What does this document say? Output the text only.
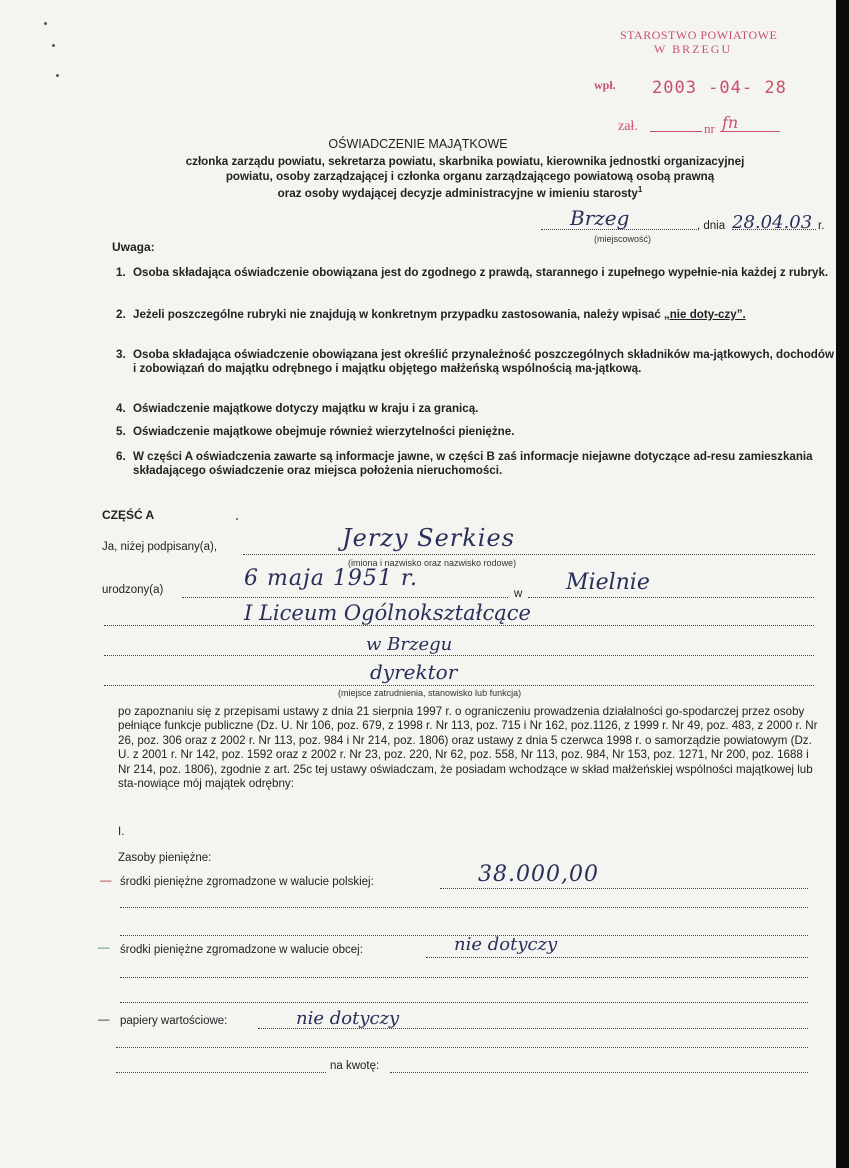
STAROSTWO POWIATOWE
W BRZEGU
wpł. 2003 -04- 28
zał.	nr fn
OŚWIADCZENIE MAJĄTKOWE
członka zarządu powiatu, sekretarza powiatu, skarbnika powiatu, kierownika jednostki organizacyjnej
powiatu, osoby zarządzającej i członka organu zarządzającego powiatową osobą prawną
oraz osoby wydającej decyzje administracyjne w imieniu starosty$^1$
Brzeg
(miejscowość)
, dnia 28.04.03 r.
Uwaga:
1. Osoba składająca oświadczenie obowiązana jest do zgodnego z prawdą, starannego i zupełnego wypełnie-nia każdej z rubryk.
2. Jeżeli poszczególne rubryki nie znajdują w konkretnym przypadku zastosowania, należy wpisać „nie doty-czy”.
3. Osoba składająca oświadczenie obowiązana jest określić przynależność poszczególnych składników ma-jątkowych, dochodów i zobowiązań do majątku odrębnego i majątku objętego małżeńską wspólnością ma-jątkową.
4. Oświadczenie majątkowe dotyczy majątku w kraju i za granicą.
5. Oświadczenie majątkowe obejmuje również wierzytelności pieniężne.
6. W części A oświadczenia zawarte są informacje jawne, w części B zaś informacje niejawne dotyczące ad-resu zamieszkania składającego oświadczenie oraz miejsca położenia nieruchomości.
CZĘŚĆ A
Ja, niżej podpisany(a),	Jerzy Serkies
(imiona i nazwisko oraz nazwisko rodowe)
urodzony(a)	6 maja 1951 r.
w Mielnie
I Liceum Ogólnokształcące
w Brzegu
dyrektor
(miejsce zatrudnienia, stanowisko lub funkcja)
po zapoznaniu się z przepisami ustawy z dnia 21 sierpnia 1997 r. o ograniczeniu prowadzenia działalności go-spodarczej przez osoby pełniące funkcje publiczne (Dz. U. Nr 106, poz. 679, z 1998 r. Nr 113, poz. 715 i Nr 162, poz.1126, z 1999 r. Nr 49, poz. 483, z 2000 r. Nr 26, poz. 306 oraz z 2002 r. Nr 113, poz. 984 i Nr 214, poz. 1806) oraz ustawy z dnia 5 czerwca 1998 r. o samorządzie powiatowym (Dz. U. z 2001 r. Nr 142, poz. 1592 oraz z 2002 r. Nr 23, poz. 220, Nr 62, poz. 558, Nr 113, poz. 984, Nr 153, poz. 1271, Nr 200, poz. 1688 i Nr 214, poz. 1806), zgodnie z art. 25c tej ustawy oświadczam, że posiadam wchodzące w skład małżeńskiej wspólności majątkowej lub sta-nowiące mój majątek odrębny:
I.
Zasoby pieniężne:
— środki pieniężne zgromadzone w walucie polskiej:	38.000,00
— środki pieniężne zgromadzone w walucie obcej:	nie dotyczy
— papiery wartościowe:	nie dotyczy
na kwotę:
